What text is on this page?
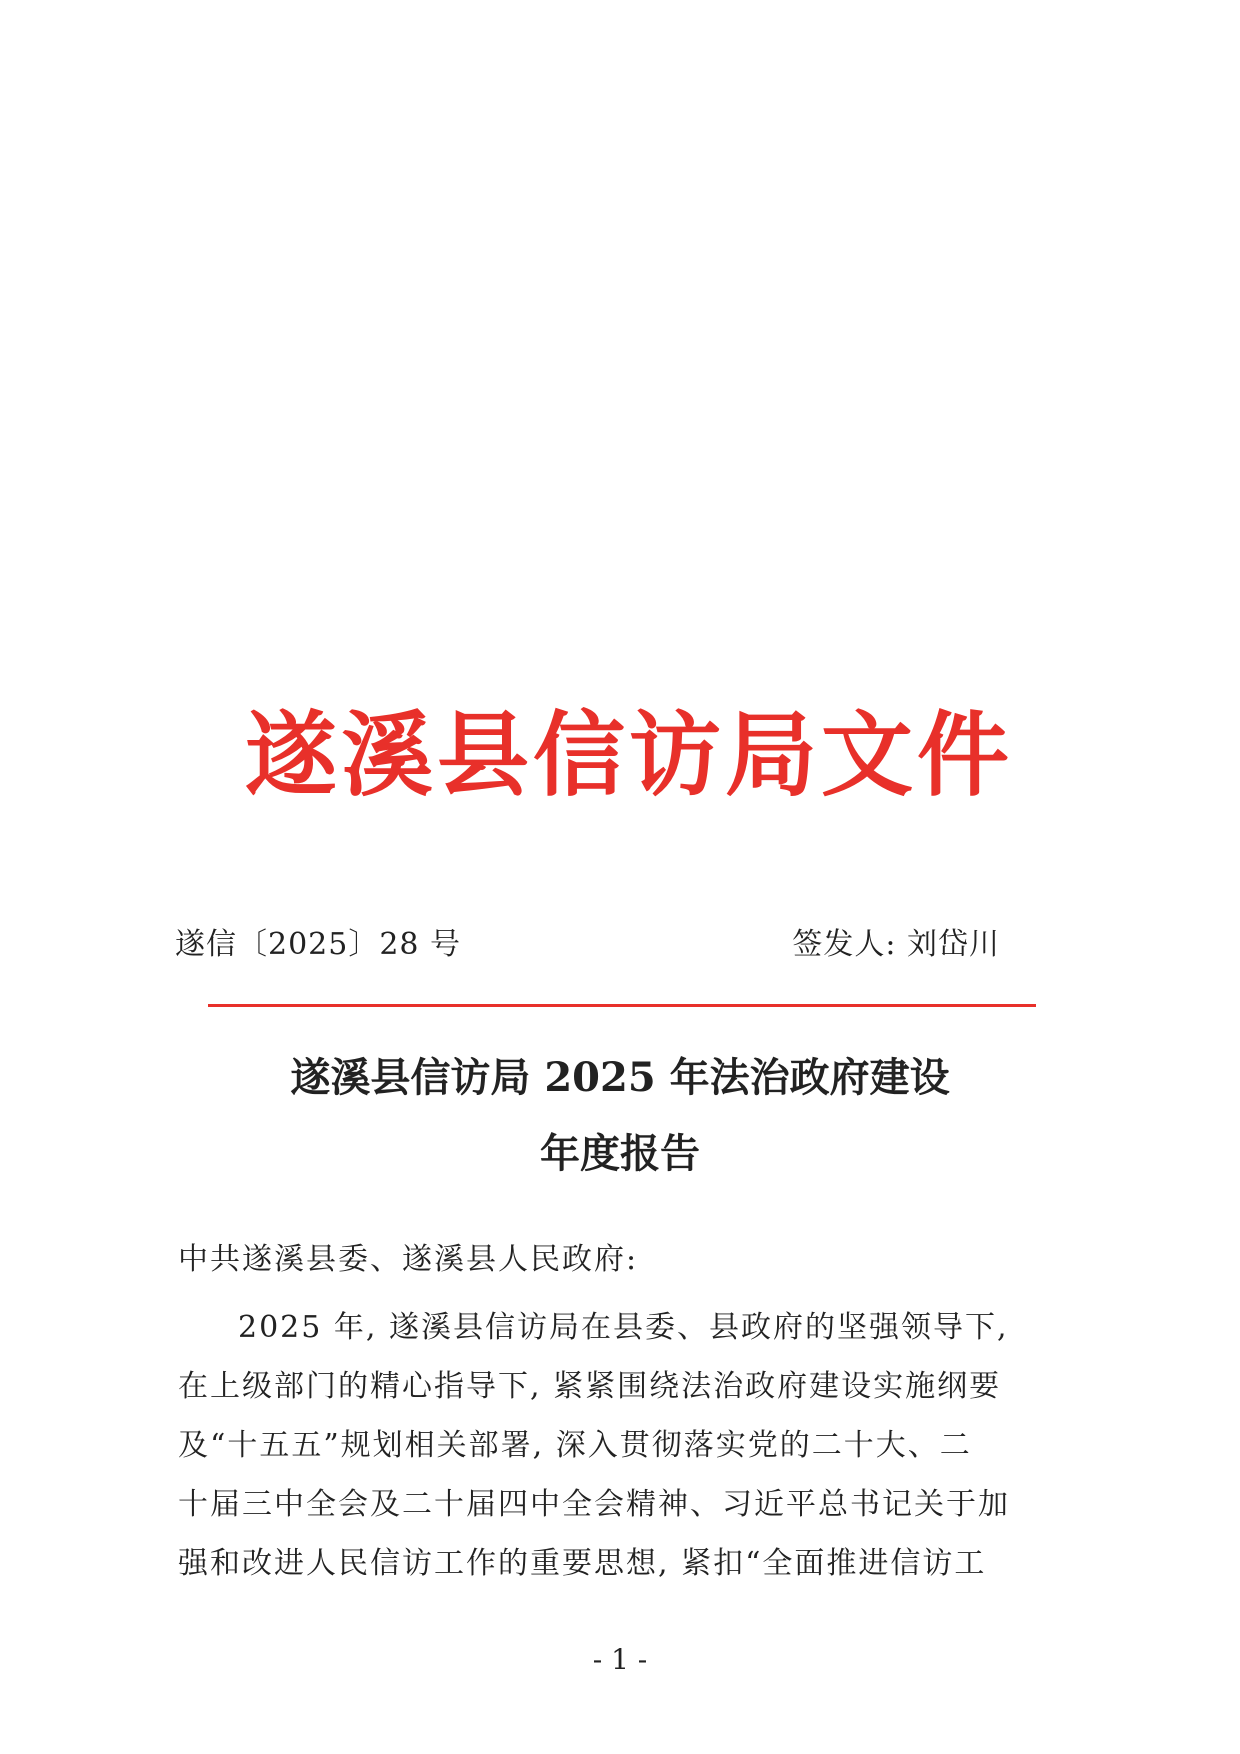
遂溪县信访局文件
遂信〔2025〕28 号	签发人: 刘岱川
遂溪县信访局 2025 年法治政府建设
年度报告
中共遂溪县委、遂溪县人民政府:
2025 年, 遂溪县信访局在县委、县政府的坚强领导下,
在上级部门的精心指导下, 紧紧围绕法治政府建设实施纲要
及“十五五”规划相关部署, 深入贯彻落实党的二十大、二
十届三中全会及二十届四中全会精神、习近平总书记关于加
强和改进人民信访工作的重要思想, 紧扣“全面推进信访工
- 1 -
